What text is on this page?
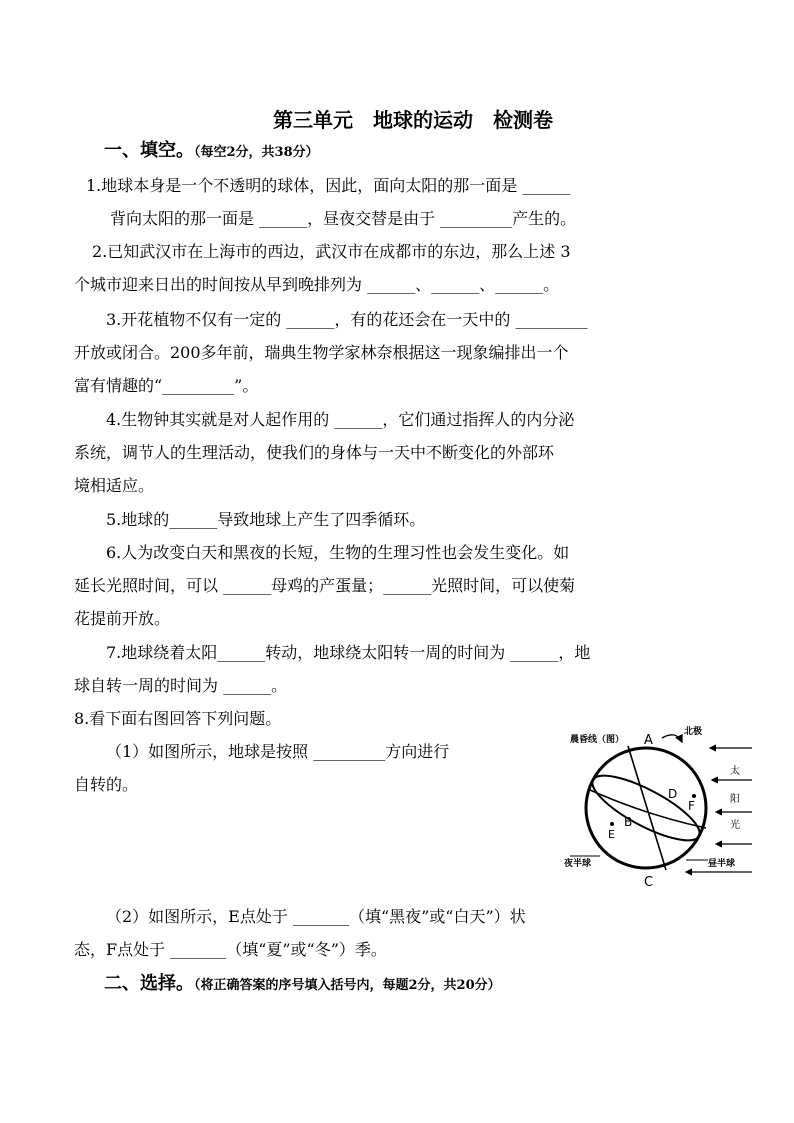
第三单元　地球的运动　检测卷
一、填空。（每空2分，共38分）
1.地球本身是一个不透明的球体，因此，面向太阳的那一面是 ______
背向太阳的那一面是 ______，昼夜交替是由于 _________产生的。
2.已知武汉市在上海市的西边，武汉市在成都市的东边，那么上述 3
个城市迎来日出的时间按从早到晚排列为 ______、______、______。
3.开花植物不仅有一定的 ______，有的花还会在一天中的 _________
开放或闭合。200多年前，瑞典生物学家林奈根据这一现象编排出一个
富有情趣的“_________”。
4.生物钟其实就是对人起作用的 ______，它们通过指挥人的内分泌
系统，调节人的生理活动，使我们的身体与一天中不断变化的外部环
境相适应。
5.地球的______导致地球上产生了四季循环。
6.人为改变白天和黑夜的长短，生物的生理习性也会发生变化。如
延长光照时间，可以 ______母鸡的产蛋量；______光照时间，可以使菊
花提前开放。
7.地球绕着太阳______转动，地球绕太阳转一周的时间为 ______，地
球自转一周的时间为 ______。
8.看下面右图回答下列问题。
（1）如图所示，地球是按照 _________方向进行
自转的。
（2）如图所示，E点处于 _______（填“黑夜”或“白天”）状
态，F点处于 _______（填“夏”或“冬”）季。
二、选择。（将正确答案的序号填入括号内，每题2分，共20分）
晨昏线（图） A
北极
太
阳
光
D
F
B
E
夜半球	昼半球
C
